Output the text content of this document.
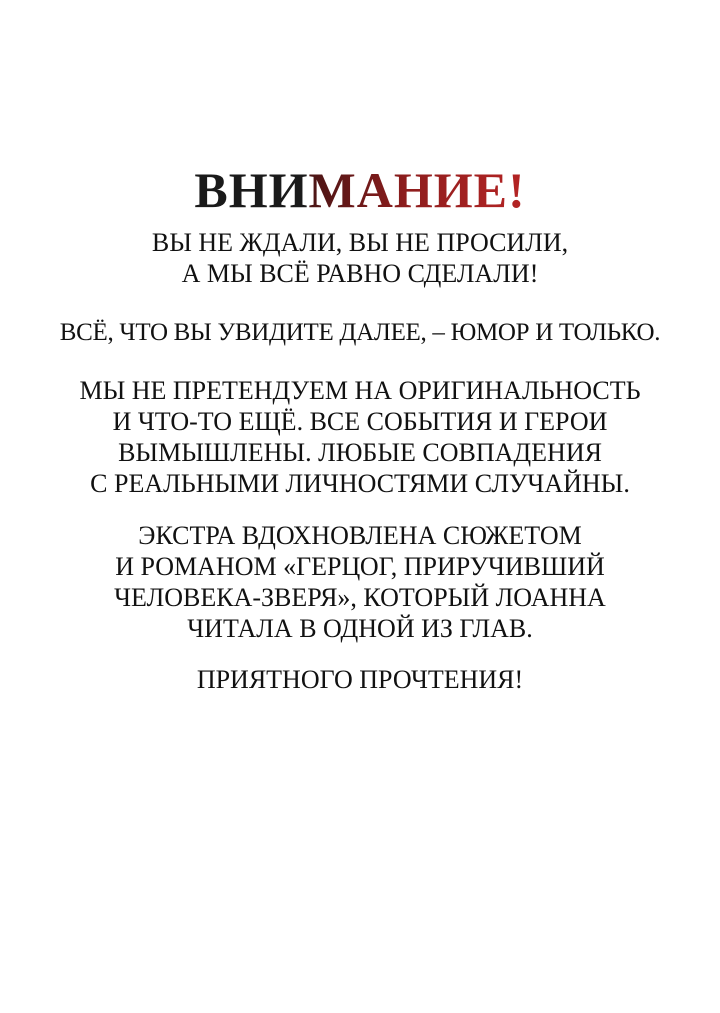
ВНИМАНИЕ!
ВЫ НЕ ЖДАЛИ, ВЫ НЕ ПРОСИЛИ,
А МЫ ВСЁ РАВНО СДЕЛАЛИ!
ВСЁ, ЧТО ВЫ УВИДИТЕ ДАЛЕЕ, – ЮМОР И ТОЛЬКО.
МЫ НЕ ПРЕТЕНДУЕМ НА ОРИГИНАЛЬНОСТЬ
И ЧТО-ТО ЕЩЁ. ВСЕ СОБЫТИЯ И ГЕРОИ
ВЫМЫШЛЕНЫ. ЛЮБЫЕ СОВПАДЕНИЯ
С РЕАЛЬНЫМИ ЛИЧНОСТЯМИ СЛУЧАЙНЫ.
ЭКСТРА ВДОХНОВЛЕНА СЮЖЕТОМ
И РОМАНОМ «ГЕРЦОГ, ПРИРУЧИВШИЙ
ЧЕЛОВЕКА-ЗВЕРЯ», КОТОРЫЙ ЛОАННА
ЧИТАЛА В ОДНОЙ ИЗ ГЛАВ.
ПРИЯТНОГО ПРОЧТЕНИЯ!
